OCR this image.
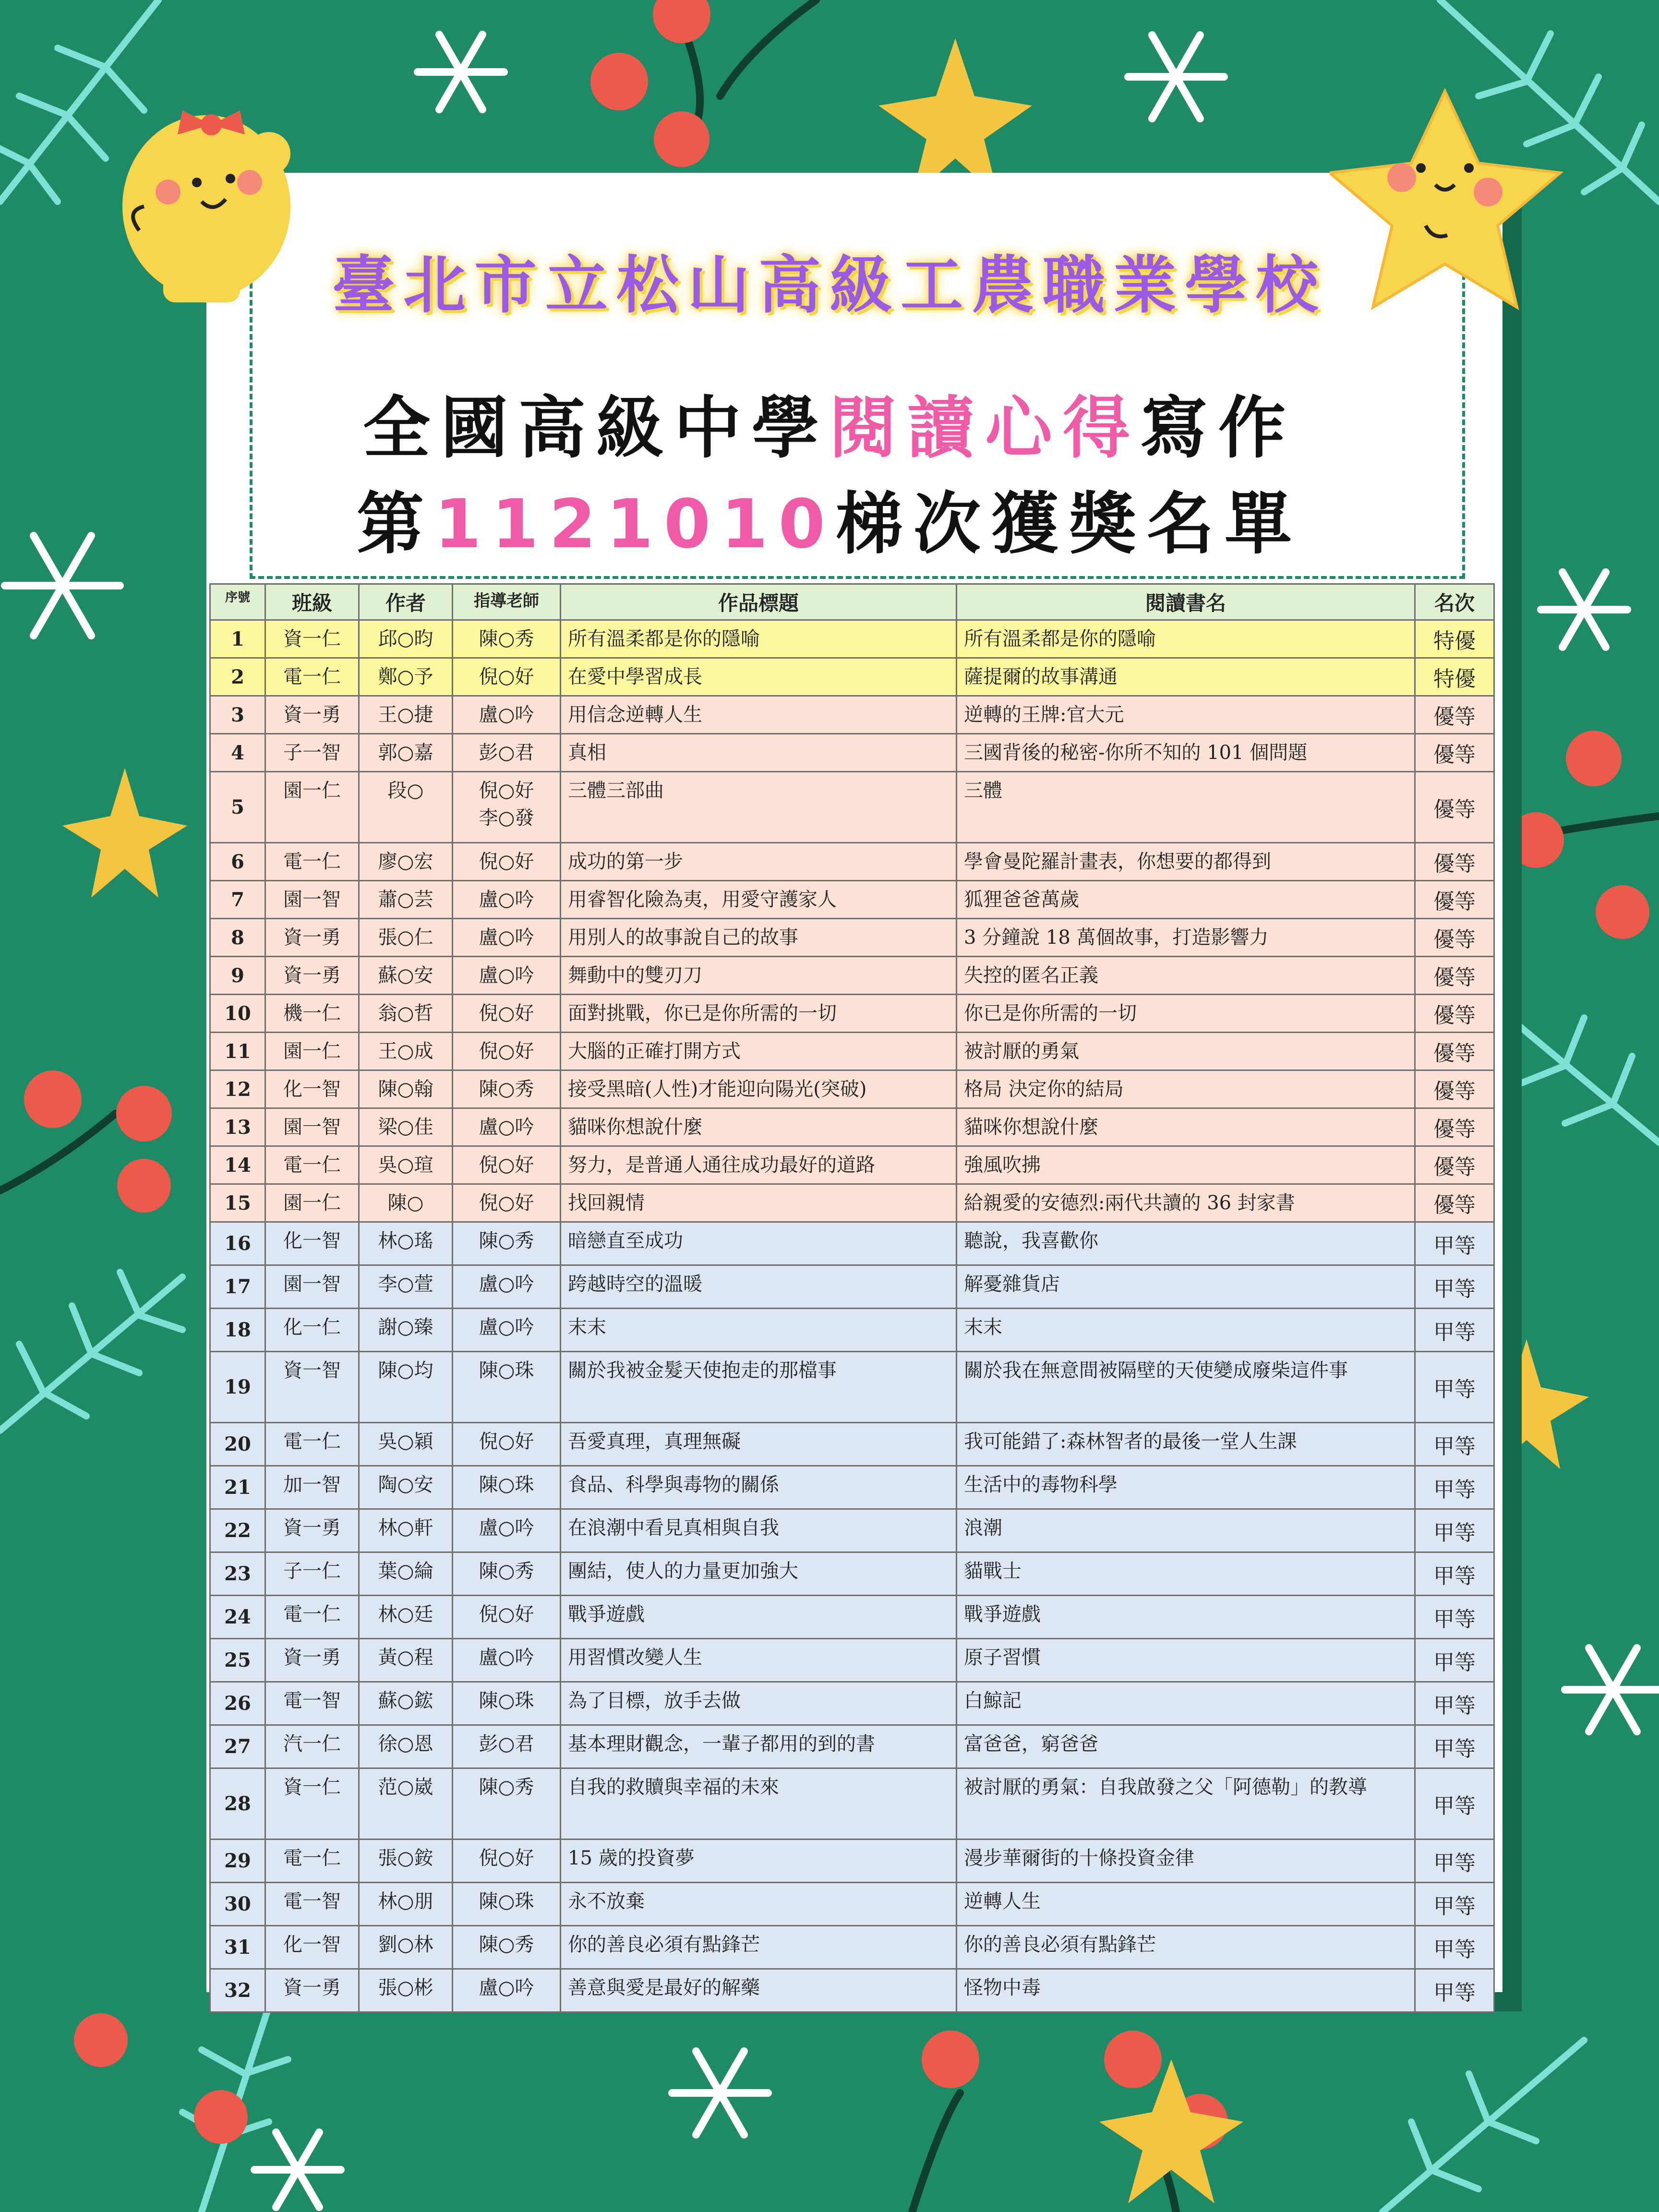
臺北市立松山高級工農職業學校
全國高級中學閱讀心得寫作
第1121010梯次獲獎名單
序號	班級	作者	指導老師	作品標題	閱讀書名	名次
1	資一仁	邱○昀	陳○秀	所有溫柔都是你的隱喻	所有溫柔都是你的隱喻	特優
2	電一仁	鄭○予	倪○好	在愛中學習成長	薩提爾的故事溝通	特優
3	資一勇	王○捷	盧○吟	用信念逆轉人生	逆轉的王牌:官大元	優等
4	子一智	郭○嘉	彭○君	真相	三國背後的秘密-你所不知的 101 個問題	優等
5	園一仁	段○	倪○好
李○發	三體三部曲	三體	優等
6	電一仁	廖○宏	倪○好	成功的第一步	學會曼陀羅計畫表，你想要的都得到	優等
7	園一智	蕭○芸	盧○吟	用睿智化險為夷，用愛守護家人	狐狸爸爸萬歲	優等
8	資一勇	張○仁	盧○吟	用別人的故事說自己的故事	3 分鐘說 18 萬個故事，打造影響力	優等
9	資一勇	蘇○安	盧○吟	舞動中的雙刃刀	失控的匿名正義	優等
10	機一仁	翁○哲	倪○好	面對挑戰，你已是你所需的一切	你已是你所需的一切	優等
11	園一仁	王○成	倪○好	大腦的正確打開方式	被討厭的勇氣	優等
12	化一智	陳○翰	陳○秀	接受黑暗(人性)才能迎向陽光(突破)	格局 決定你的結局	優等
13	園一智	梁○佳	盧○吟	貓咪你想說什麼	貓咪你想說什麼	優等
14	電一仁	吳○瑄	倪○好	努力，是普通人通往成功最好的道路	強風吹拂	優等
15	園一仁	陳○	倪○好	找回親情	給親愛的安德烈:兩代共讀的 36 封家書	優等
16	化一智	林○瑤	陳○秀	暗戀直至成功	聽說，我喜歡你	甲等
17	園一智	李○萱	盧○吟	跨越時空的溫暖	解憂雜貨店	甲等
18	化一仁	謝○臻	盧○吟	末末	末末	甲等
19	資一智	陳○均	陳○珠	關於我被金髮天使抱走的那檔事	關於我在無意間被隔壁的天使變成廢柴這件事	甲等
20	電一仁	吳○穎	倪○好	吾愛真理，真理無礙	我可能錯了:森林智者的最後一堂人生課	甲等
21	加一智	陶○安	陳○珠	食品、科學與毒物的關係	生活中的毒物科學	甲等
22	資一勇	林○軒	盧○吟	在浪潮中看見真相與自我	浪潮	甲等
23	子一仁	葉○綸	陳○秀	團結，使人的力量更加強大	貓戰士	甲等
24	電一仁	林○廷	倪○好	戰爭遊戲	戰爭遊戲	甲等
25	資一勇	黃○程	盧○吟	用習慣改變人生	原子習慣	甲等
26	電一智	蘇○鋐	陳○珠	為了目標，放手去做	白鯨記	甲等
27	汽一仁	徐○恩	彭○君	基本理財觀念，一輩子都用的到的書	富爸爸，窮爸爸	甲等
28	資一仁	范○崴	陳○秀	自我的救贖與幸福的未來	被討厭的勇氣：自我啟發之父「阿德勒」的教導	甲等
29	電一仁	張○銨	倪○好	15 歲的投資夢	漫步華爾街的十條投資金律	甲等
30	電一智	林○朋	陳○珠	永不放棄	逆轉人生	甲等
31	化一智	劉○林	陳○秀	你的善良必須有點鋒芒	你的善良必須有點鋒芒	甲等
32	資一勇	張○彬	盧○吟	善意與愛是最好的解藥	怪物中毒	甲等
